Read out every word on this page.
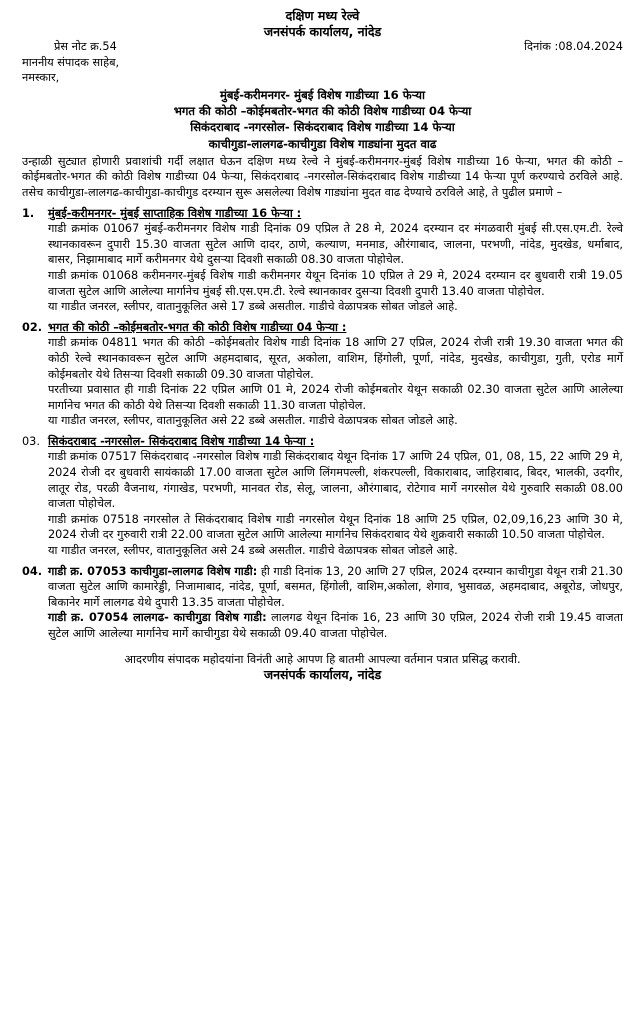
दक्षिण मध्य रेल्वे
जनसंपर्क कार्यालय, नांदेड
प्रेस नोट क्र.54	दिनांक :08.04.2024
माननीय संपादक साहेब,
नमस्कार,
मुंबई-करीमनगर- मुंबई विशेष गाडीच्या 16 फेऱ्या
भगत की कोठी –कोईमबतोर-भगत की कोठी विशेष गाडीच्या 04 फेऱ्या
सिकंदराबाद -नगरसोल- सिकंदराबाद विशेष गाडीच्या 14 फेऱ्या
काचीगुडा-लालगढ-काचीगुडा विशेष गाड्यांना मुदत वाढ

उन्हाळी सुट्यात होणारी प्रवाशांची गर्दी लक्षात घेऊन दक्षिण मध्य रेल्वे ने मुंबई-करीमनगर-मुंबई विशेष गाडीच्या 16 फेऱ्या, भगत की कोठी –कोईमबतोर-भगत की कोठी विशेष गाडीच्या 04 फेऱ्या, सिकंदराबाद -नगरसोल-सिकंदराबाद विशेष गाडीच्या 14 फेऱ्या पूर्ण करण्याचे ठरविले आहे. तसेच काचीगुडा-लालगढ-काचीगुडा-काचीगुड दरम्यान सुरू असलेल्या विशेष गाड्यांना मुदत वाढ देण्याचे ठरविले आहे, ते पुढील प्रमाणे –

1.	मुंबई-करीमनगर- मुंबई साप्ताहिक विशेष गाडीच्या 16 फेऱ्या :

गाडी क्रमांक 01067 मुंबई-करीमनगर विशेष गाडी दिनांक 09 एप्रिल ते 28 मे, 2024 दरम्यान दर मंगळवारी मुंबई सी.एस.एम.टी. रेल्वे स्थानकावरून दुपारी 15.30 वाजता सुटेल आणि दादर, ठाणे, कल्याण, मनमाड, औरंगाबाद, जालना, परभणी, नांदेड, मुदखेड, धर्माबाद, बासर, निझामाबाद मार्गे करीमनगर येथे दुसऱ्या दिवशी सकाळी 08.30 वाजता पोहोचेल.

गाडी क्रमांक 01068 करीमनगर-मुंबई विशेष गाडी करीमनगर येथून दिनांक 10 एप्रिल ते 29 मे, 2024 दरम्यान दर बुधवारी रात्री 19.05 वाजता सुटेल आणि आलेल्या मार्गानेच मुंबई सी.एस.एम.टी. रेल्वे स्थानकावर दुसऱ्या दिवशी दुपारी 13.40 वाजता पोहोचेल.

या गाडीत जनरल, स्लीपर, वातानुकूलित असे 17 डब्बे असतील. गाडीचे वेळापत्रक सोबत जोडले आहे.

02. भगत की कोठी –कोईमबतोर-भगत की कोठी विशेष गाडीच्या 04 फेऱ्या :

गाडी क्रमांक 04811 भगत की कोठी –कोईमबतोर विशेष गाडी दिनांक 18 आणि 27 एप्रिल, 2024 रोजी रात्री 19.30 वाजता भगत की कोठी रेल्वे स्थानकावरून सुटेल आणि अहमदाबाद, सूरत, अकोला, वाशिम, हिंगोली, पूर्णा, नांदेड, मुदखेड, काचीगुडा, गुती, एरोड मार्गे कोईमबतोर येथे तिसऱ्या दिवशी सकाळी 09.30 वाजता पोहोचेल.

परतीच्या प्रवासात ही गाडी दिनांक 22 एप्रिल आणि 01 मे, 2024 रोजी कोईमबतोर येथून सकाळी 02.30 वाजता सुटेल आणि आलेल्या मार्गानेच भगत की कोठी येथे तिसऱ्या दिवशी सकाळी 11.30 वाजता पोहोचेल.

या गाडीत जनरल, स्लीपर, वातानुकूलित असे 22 डब्बे असतील. गाडीचे वेळापत्रक सोबत जोडले आहे.

03. सिकंदराबाद -नगरसोल- सिकंदराबाद विशेष गाडीच्या 14 फेऱ्या :

गाडी क्रमांक 07517 सिकंदराबाद -नगरसोल विशेष गाडी सिकंदराबाद येथून दिनांक 17 आणि 24 एप्रिल, 01, 08, 15, 22 आणि 29 मे, 2024 रोजी दर बुधवारी सायंकाळी 17.00 वाजता सुटेल आणि लिंगमपल्ली, शंकरपल्ली, विकाराबाद, जाहिराबाद, बिदर, भालकी, उदगीर, लातूर रोड, परळी वैजनाथ, गंगाखेड, परभणी, मानवत रोड, सेलू, जालना, औरंगाबाद, रोटेगाव मार्गे नगरसोल येथे गुरुवारि सकाळी 08.00 वाजता पोहोचेल.

गाडी क्रमांक 07518 नगरसोल ते सिकंदराबाद विशेष गाडी नगरसोल येथून दिनांक 18 आणि 25 एप्रिल, 02,09,16,23 आणि 30 मे, 2024 रोजी दर गुरुवारी रात्री 22.00 वाजता सुटेल आणि आलेल्या मार्गानेच सिकंदराबाद येथे शुक्रवारी सकाळी 10.50 वाजता पोहोचेल.

या गाडीत जनरल, स्लीपर, वातानुकूलित असे 24 डब्बे असतील. गाडीचे वेळापत्रक सोबत जोडले आहे.

04. गाडी क्र. 07053 काचीगुडा-लालगढ विशेष गाडी: ही गाडी दिनांक 13, 20 आणि 27 एप्रिल, 2024 दरम्यान काचीगुडा येथून रात्री 21.30 वाजता सुटेल आणि कामारेड्डी, निजामाबाद, नांदेड, पूर्णा, बसमत, हिंगोली, वाशिम,अकोला, शेगाव, भुसावळ, अहमदाबाद, अबूरोड, जोधपुर, बिकानेर मार्गे लालगढ येथे दुपारी 13.35 वाजता पोहोचेल.

गाडी क्र. 07054 लालगढ- काचीगुडा विशेष गाडी: लालगढ येथून दिनांक 16, 23 आणि 30 एप्रिल, 2024 रोजी रात्री 19.45 वाजता सुटेल आणि आलेल्या मार्गानेच मार्गे काचीगुडा येथे सकाळी 09.40 वाजता पोहोचेल.

आदरणीय संपादक महोदयांना विनंती आहे आपण हि बातमी आपल्या वर्तमान पत्रात प्रसिद्ध करावी.
जनसंपर्क कार्यालय, नांदेड
